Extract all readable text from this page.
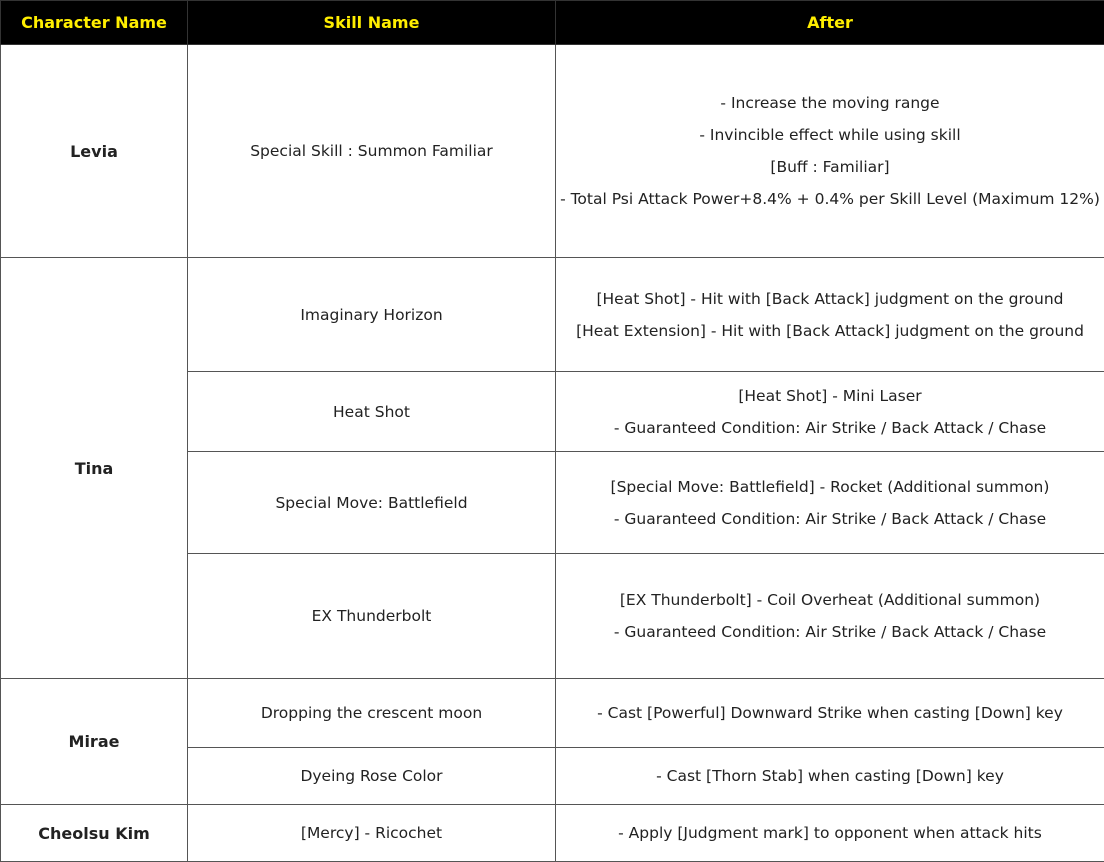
Character Name	Skill Name	After
Levia	Special Skill : Summon Familiar	- Increase the moving range
- Invincible effect while using skill
[Buff : Familiar]
- Total Psi Attack Power+8.4% + 0.4% per Skill Level (Maximum 12%)

Tina	Imaginary Horizon	[Heat Shot] - Hit with [Back Attack] judgment on the ground
[Heat Extension] - Hit with [Back Attack] judgment on the ground

	Heat Shot	[Heat Shot] - Mini Laser
- Guaranteed Condition: Air Strike / Back Attack / Chase

	Special Move: Battlefield	[Special Move: Battlefield] - Rocket (Additional summon)
- Guaranteed Condition: Air Strike / Back Attack / Chase

	EX Thunderbolt	[EX Thunderbolt] - Coil Overheat (Additional summon)
- Guaranteed Condition: Air Strike / Back Attack / Chase

Mirae	Dropping the crescent moon	- Cast [Powerful] Downward Strike when casting [Down] key

	Dyeing Rose Color	- Cast [Thorn Stab] when casting [Down] key

Cheolsu Kim	[Mercy] - Ricochet	- Apply [Judgment mark] to opponent when attack hits
